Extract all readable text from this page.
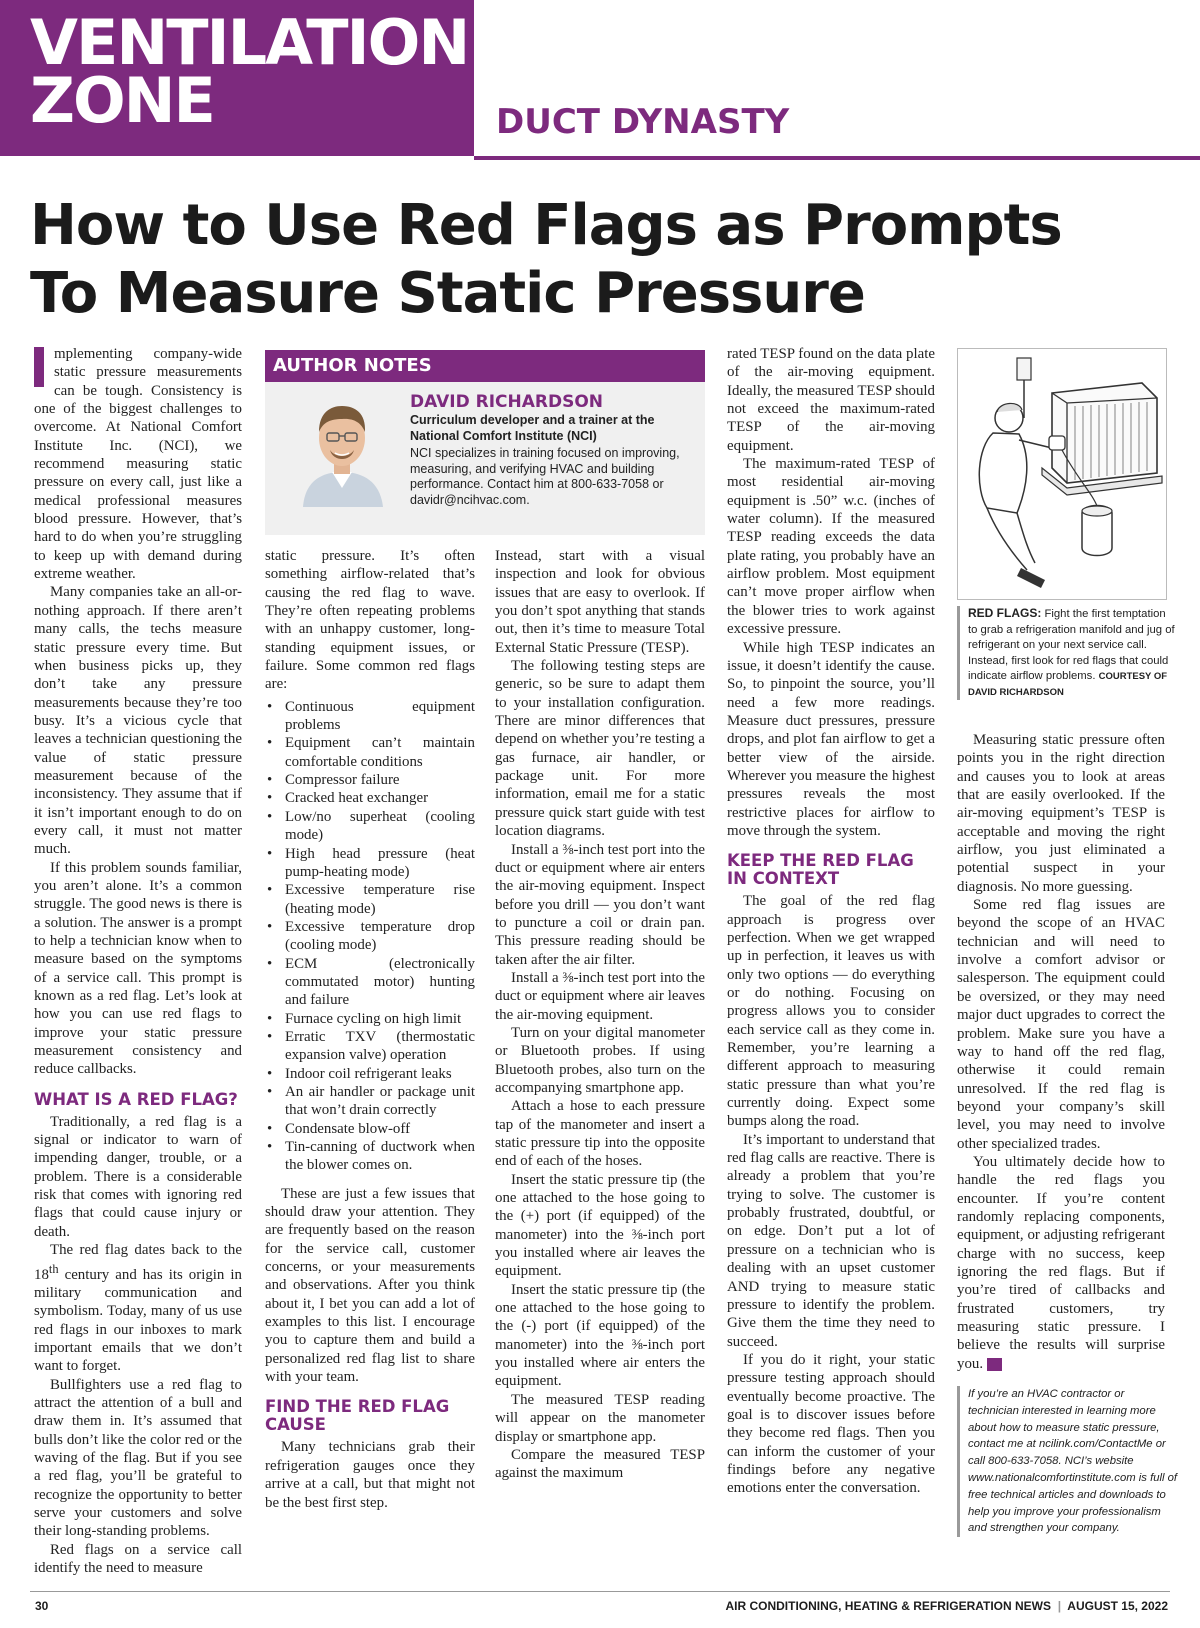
VENTILATION
ZONE	DUCT DYNASTY
How to Use Red Flags as Prompts
To Measure Static Pressure

mplementing company-wide static pressure measurements can be tough. Consistency is one of the biggest challenges to overcome. At National Comfort Institute Inc. (NCI), we recommend measuring static pressure on every call, just like a medical professional measures blood pressure. However, that’s hard to do when you’re struggling to keep up with demand during extreme weather.

Many companies take an all-or-nothing approach. If there aren’t many calls, the techs measure static pressure every time. But when business picks up, they don’t take any pressure measurements because they’re too busy. It’s a vicious cycle that leaves a technician questioning the value of static pressure measurement because of the inconsistency. They assume that if it isn’t important enough to do on every call, it must not matter much.

If this problem sounds familiar, you aren’t alone. It’s a common struggle. The good news is there is a solution. The answer is a prompt to help a technician know when to measure based on the symptoms of a service call. This prompt is known as a red flag. Let’s look at how you can use red flags to improve your static pressure measurement consistency and reduce callbacks.

WHAT IS A RED FLAG?

Traditionally, a red flag is a signal or indicator to warn of impending danger, trouble, or a problem. There is a considerable risk that comes with ignoring red flags that could cause injury or death.

The red flag dates back to the 18th century and has its origin in military communication and symbolism. Today, many of us use red flags in our inboxes to mark important emails that we don’t want to forget.

Bullfighters use a red flag to attract the attention of a bull and draw them in. It’s assumed that bulls don’t like the color red or the waving of the flag. But if you see a red flag, you’ll be grateful to recognize the opportunity to better serve your customers and solve their long-standing problems.

Red flags on a service call identify the need to measure

AUTHOR NOTES
DAVID RICHARDSON

Curriculum developer and a trainer at the National Comfort Institute (NCI)

NCI specializes in training focused on improving, measuring, and verifying HVAC and building performance. Contact him at 800-633-7058 or davidr@ncihvac.com.

static pressure. It’s often something airflow-related that’s causing the red flag to wave. They’re often repeating problems with an unhappy customer, long-standing equipment issues, or failure. Some common red flags are:

• Continuous equipment problems
• Equipment can’t maintain comfortable conditions
• Compressor failure
• Cracked heat exchanger
• Low/no superheat (cooling mode)
• High head pressure (heat pump-heating mode)
• Excessive temperature rise (heating mode)
• Excessive temperature drop (cooling mode)
• ECM (electronically commutated motor) hunting and failure
• Furnace cycling on high limit
• Erratic TXV (thermostatic expansion valve) operation
• Indoor coil refrigerant leaks
• An air handler or package unit that won’t drain correctly
• Condensate blow-off
• Tin-canning of ductwork when the blower comes on.

These are just a few issues that should draw your attention. They are frequently based on the reason for the service call, customer concerns, or your measurements and observations. After you think about it, I bet you can add a lot of examples to this list. I encourage you to capture them and build a personalized red flag list to share with your team.

FIND THE RED FLAG CAUSE

Many technicians grab their refrigeration gauges once they arrive at a call, but that might not be the best first step.

Instead, start with a visual inspection and look for obvious issues that are easy to overlook. If you don’t spot anything that stands out, then it’s time to measure Total External Static Pressure (TESP).

The following testing steps are generic, so be sure to adapt them to your installation configuration. There are minor differences that depend on whether you’re testing a gas furnace, air handler, or package unit. For more information, email me for a static pressure quick start guide with test location diagrams.

Install a ⅜-inch test port into the duct or equipment where air enters the air-moving equipment. Inspect before you drill — you don’t want to puncture a coil or drain pan. This pressure reading should be taken after the air filter.

Install a ⅜-inch test port into the duct or equipment where air leaves the air-moving equipment.

Turn on your digital manometer or Bluetooth probes. If using Bluetooth probes, also turn on the accompanying smartphone app.

Attach a hose to each pressure tap of the manometer and insert a static pressure tip into the opposite end of each of the hoses.

Insert the static pressure tip (the one attached to the hose going to the (+) port (if equipped) of the manometer) into the ⅜-inch port you installed where air leaves the equipment.

Insert the static pressure tip (the one attached to the hose going to the (-) port (if equipped) of the manometer) into the ⅜-inch port you installed where air enters the equipment.

The measured TESP reading will appear on the manometer display or smartphone app.

Compare the measured TESP against the maximum

rated TESP found on the data plate of the air-moving equipment. Ideally, the measured TESP should not exceed the maximum-rated TESP of the air-moving equipment.

The maximum-rated TESP of most residential air-moving equipment is .50” w.c. (inches of water column). If the measured TESP reading exceeds the data plate rating, you probably have an airflow problem. Most equipment can’t move proper airflow when the blower tries to work against excessive pressure.

While high TESP indicates an issue, it doesn’t identify the cause. So, to pinpoint the source, you’ll need a few more readings. Measure duct pressures, pressure drops, and plot fan airflow to get a better view of the airside. Wherever you measure the highest pressures reveals the most restrictive places for airflow to move through the system.

KEEP THE RED FLAG IN CONTEXT

The goal of the red flag approach is progress over perfection. When we get wrapped up in perfection, it leaves us with only two options — do everything or do nothing. Focusing on progress allows you to consider each service call as they come in. Remember, you’re learning a different approach to measuring static pressure than what you’re currently doing. Expect some bumps along the road.

It’s important to understand that red flag calls are reactive. There is already a problem that you’re trying to solve. The customer is probably frustrated, doubtful, or on edge. Don’t put a lot of pressure on a technician who is dealing with an upset customer AND trying to measure static pressure to identify the problem. Give them the time they need to succeed.

If you do it right, your static pressure testing approach should eventually become proactive. The goal is to discover issues before they become red flags. Then you can inform the customer of your findings before any negative emotions enter the conversation.

RED FLAGS: Fight the first temptation to grab a refrigeration manifold and jug of refrigerant on your next service call. Instead, first look for red flags that could indicate airflow problems. COURTESY OF DAVID RICHARDSON

Measuring static pressure often points you in the right direction and causes you to look at areas that are easily overlooked. If the air-moving equipment’s TESP is acceptable and moving the right airflow, you just eliminated a potential suspect in your diagnosis. No more guessing.

Some red flag issues are beyond the scope of an HVAC technician and will need to involve a comfort advisor or salesperson. The equipment could be oversized, or they may need major duct upgrades to correct the problem. Make sure you have a way to hand off the red flag, otherwise it could remain unresolved. If the red flag is beyond your company’s skill level, you may need to involve other specialized trades.

You ultimately decide how to handle the red flags you encounter. If you’re content randomly replacing components, equipment, or adjusting refrigerant charge with no success, keep ignoring the red flags. But if you’re tired of callbacks and frustrated customers, try measuring static pressure. I believe the results will surprise you. N

If you’re an HVAC contractor or technician interested in learning more about how to measure static pressure, contact me at ncilink.com/ContactMe or call 800-633-7058. NCI’s website www.nationalcomfortinstitute.com is full of free technical articles and downloads to help you improve your professionalism and strengthen your company.
30	AIR CONDITIONING, HEATING & REFRIGERATION NEWS | AUGUST 15, 2022
